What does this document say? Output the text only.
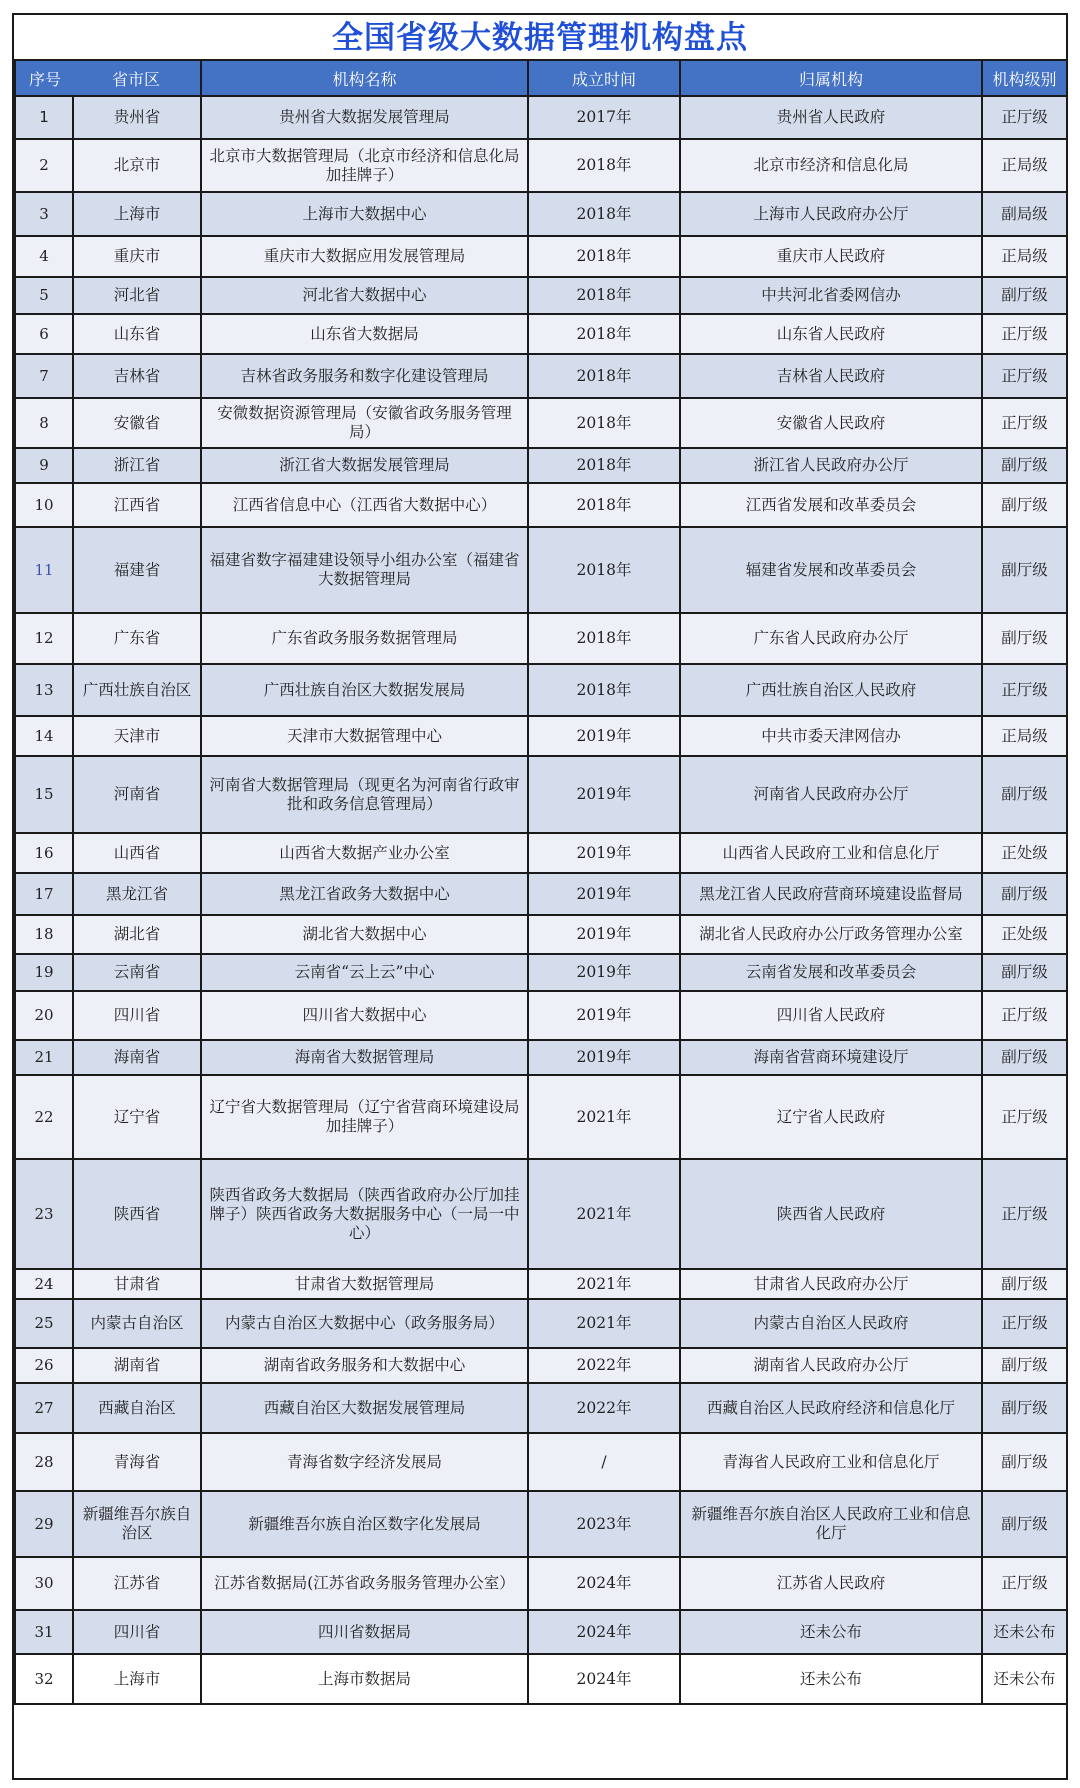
全国省级大数据管理机构盘点
序号 省市区		机构名称	成立时间	归属机构	机构级别
1	贵州省	贵州省大数据发展管理局	2017年	贵州省人民政府	正厅级
2	北京市	北京市大数据管理局（北京市经济和信息化局加挂牌子）	2018年	北京市经济和信息化局	正局级
3	上海市	上海市大数据中心	2018年	上海市人民政府办公厅	副局级
4	重庆市	重庆市大数据应用发展管理局	2018年	重庆市人民政府	正局级
5	河北省	河北省大数据中心	2018年	中共河北省委网信办	副厅级
6	山东省	山东省大数据局	2018年	山东省人民政府	正厅级
7	吉林省	吉林省政务服务和数字化建设管理局	2018年	吉林省人民政府	正厅级
8	安徽省	安微数据资源管理局（安徽省政务服务管理局）	2018年	安徽省人民政府	正厅级
9	浙江省	浙江省大数据发展管理局	2018年	浙江省人民政府办公厅	副厅级
10	江西省	江西省信息中心（江西省大数据中心）	2018年	江西省发展和改革委员会	副厅级
11	福建省	福建省数字福建建设领导小组办公室（福建省大数据管理局	2018年	辐建省发展和改革委员会	副厅级
12	广东省	广东省政务服务数据管理局	2018年	广东省人民政府办公厅	副厅级
13	广西壮族自治区	广西壮族自治区大数据发展局	2018年	广西壮族自治区人民政府	正厅级
14	天津市	天津市大数据管理中心	2019年	中共市委天津网信办	正局级
15	河南省	河南省大数据管理局（现更名为河南省行政审批和政务信息管理局）	2019年	河南省人民政府办公厅	副厅级
16	山西省	山西省大数据产业办公室	2019年	山西省人民政府工业和信息化厅	正处级
17	黑龙江省	黑龙江省政务大数据中心	2019年	黑龙江省人民政府营商环境建设监督局	副厅级
18	湖北省	湖北省大数据中心	2019年	湖北省人民政府办公厅政务管理办公室	正处级
19	云南省	云南省“云上云”中心	2019年	云南省发展和改革委员会	副厅级
20	四川省	四川省大数据中心	2019年	四川省人民政府	正厅级
21	海南省	海南省大数据管理局	2019年	海南省营商环境建设厅	副厅级
22	辽宁省	辽宁省大数据管理局（辽宁省营商环境建设局加挂牌子）	2021年	辽宁省人民政府	正厅级
23	陕西省	陕西省政务大数据局（陕西省政府办公厅加挂牌子）陕西省政务大数据服务中心（一局一中心）	2021年	陕西省人民政府	正厅级
24	甘肃省	甘肃省大数据管理局	2021年	甘肃省人民政府办公厅	副厅级
25	内蒙古自治区	内蒙古自治区大数据中心（政务服务局）	2021年	内蒙古自治区人民政府	正厅级
26	湖南省	湖南省政务服务和大数据中心	2022年	湖南省人民政府办公厅	副厅级
27	西藏自治区	西藏自治区大数据发展管理局	2022年	西藏自治区人民政府经济和信息化厅	副厅级
28	青海省	青海省数字经济发展局	/	青海省人民政府工业和信息化厅	副厅级
29	新疆维吾尔族自治区	新疆维吾尔族自治区数字化发展局	2023年	新疆维吾尔族自治区人民政府工业和信息化厅	副厅级
30	江苏省	江苏省数据局(江苏省政务服务管理办公室）	2024年	江苏省人民政府	正厅级
31	四川省	四川省数据局	2024年	还未公布	还未公布
32	上海市	上海市数据局	2024年	还未公布	还未公布
